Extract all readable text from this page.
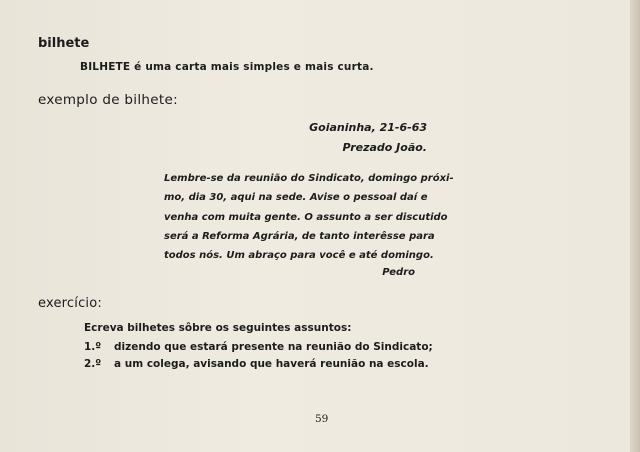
bilhete
BILHETE é uma carta mais simples e mais curta.
exemplo de bilhete:
Goianinha, 21-6-63
Prezado João.
Lembre-se da reunião do Sindicato, domingo próxi-
mo, dia 30, aqui na sede. Avise o pessoal daí e
venha com muita gente. O assunto a ser discutido
será a Reforma Agrária, de tanto interêsse para
todos nós. Um abraço para você e até domingo.
Pedro
exercício:
Ecreva bilhetes sôbre os seguintes assuntos:
1.º dizendo que estará presente na reunião do Sindicato;
2.º a um colega, avisando que haverá reunião na escola.
59
